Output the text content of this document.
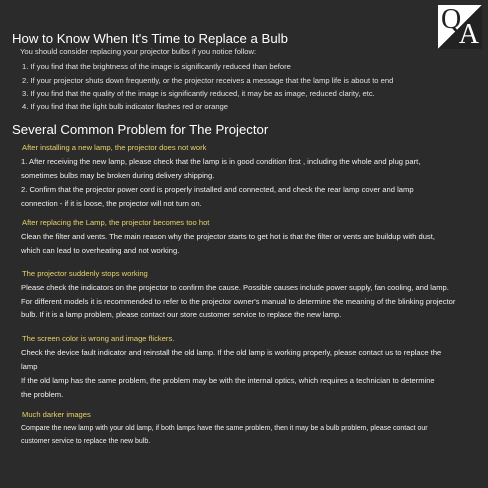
Q
A
How to Know When It's Time to Replace a Bulb
You should consider replacing your projector bulbs if you notice follow:
1. If you find that the brightness of the image is significantly reduced than before
2. If your projector shuts down frequently, or the projector receives a message that the lamp life is about to end
3. If you find that the quality of the image is significantly reduced, it may be as image, reduced clarity, etc.
4. If you find that the light bulb indicator flashes red or orange
Several Common Problem for The Projector
After installing a new lamp, the projector does not work
1. After receiving the new lamp, please check that the lamp is in good condition first , including the whole and plug part,
sometimes bulbs may be broken during delivery shipping.
2. Confirm that the projector power cord is properly installed and connected, and check the rear lamp cover and lamp
connection - if it is loose, the projector will not turn on.
After replacing the Lamp, the projector becomes too hot
Clean the filter and vents. The main reason why the projector starts to get hot is that the filter or vents are buildup with dust,
which can lead to overheating and not working.
The projector suddenly stops working
Please check the indicators on the projector to confirm the cause. Possible causes include power supply, fan cooling, and lamp.
For different models it is recommended to refer to the projector owner's manual to determine the meaning of the blinking projector
bulb. If it is a lamp problem, please contact our store customer service to replace the new lamp.
The screen color is wrong and image flickers.
Check the device fault indicator and reinstall the old lamp. If the old lamp is working properly, please contact us to replace the
lamp
If the old lamp has the same problem, the problem may be with the internal optics, which requires a technician to determine
the problem.
Much darker images
Compare the new lamp with your old lamp, if both lamps have the same problem, then it may be a bulb problem, please contact our
customer service to replace the new bulb.
